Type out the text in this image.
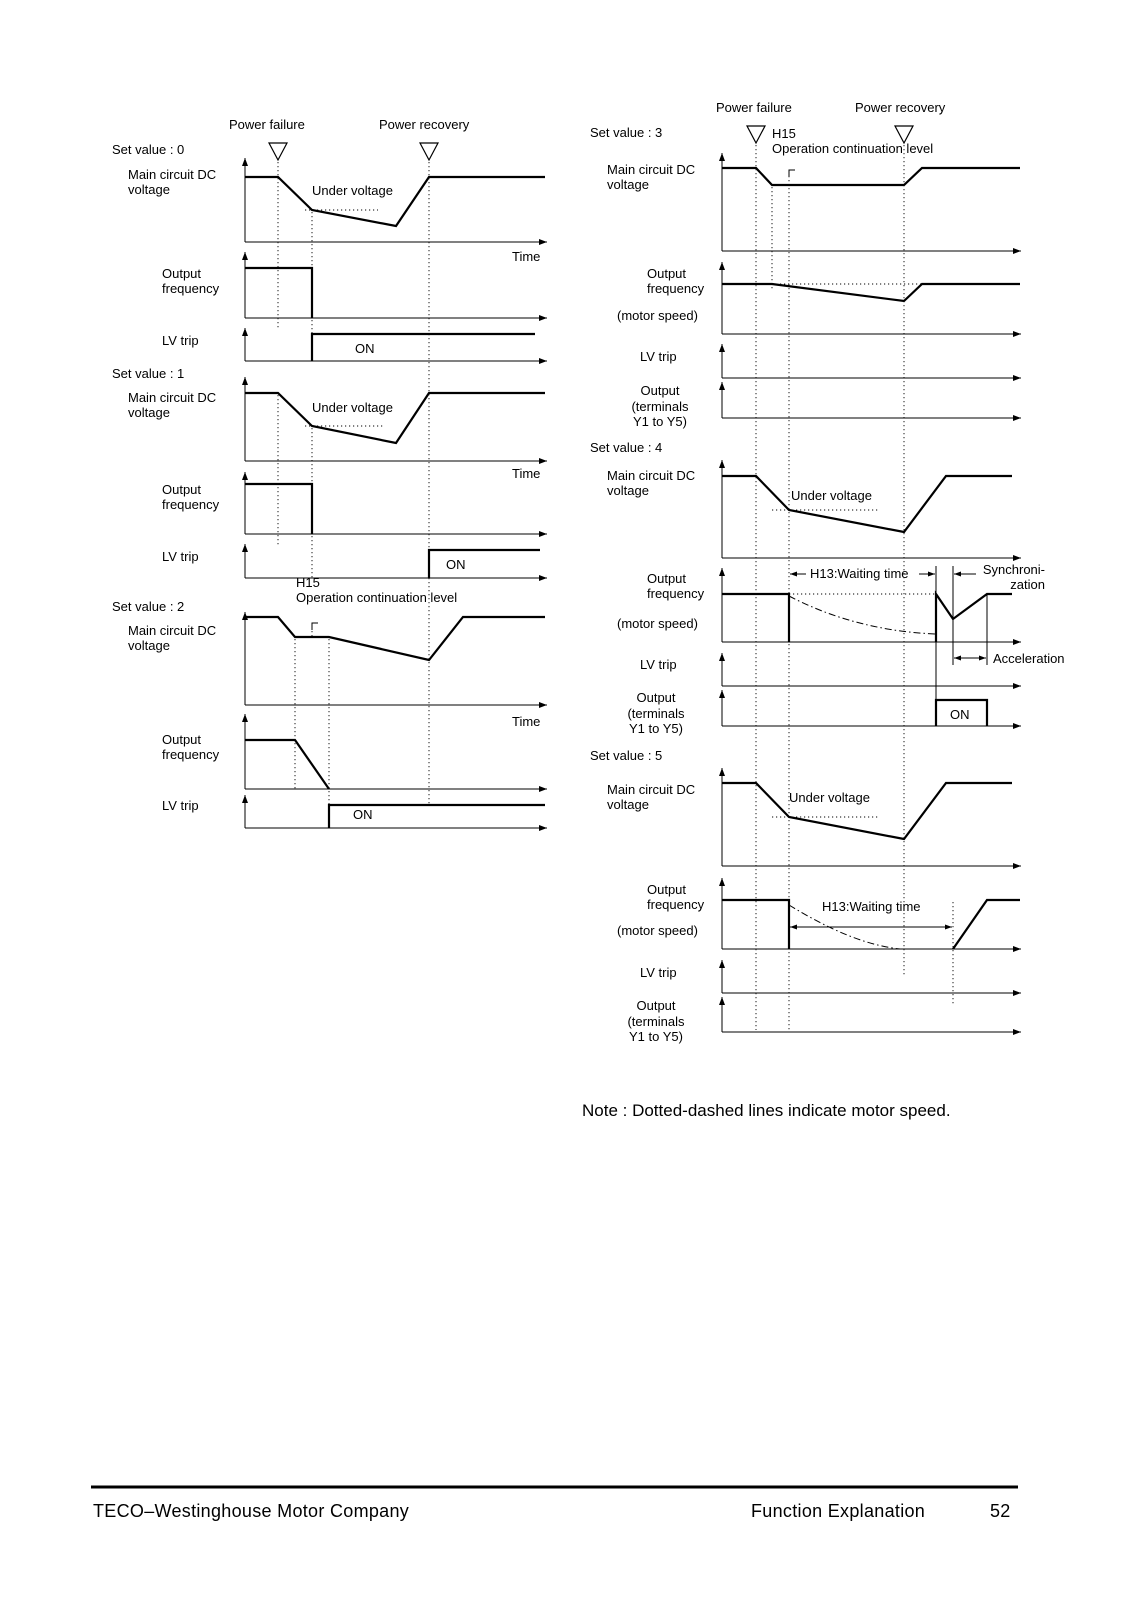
Power failure	Power recovery
Set value : 0
Main circuit DC
voltage	Under voltage
Time
Output
frequency
LV trip
ON
Set value : 1
Main circuit DC
voltage	Under voltage
Time
Output
frequency
LV trip
ON
H15
Operation continuation level
Set value : 2
Main circuit DC
voltage
Time
Output
frequency
LV trip
ON
Power failure	Power recovery
Set value : 3	H15
Operation continuation level
Main circuit DC
voltage
Output
frequency
(motor speed)
LV trip
Output
(terminals
Y1 to Y5)
Set value : 4
Main circuit DC
voltage	Under voltage
H13:Waiting time	Synchroni-
zation
Output
frequency
(motor speed)
Acceleration
LV trip
Output
(terminals
Y1 to Y5)
ON
Set value : 5
Main circuit DC
voltage	Under voltage
Output
frequency	H13:Waiting time
(motor speed)
LV trip
Output
(terminals
Y1 to Y5)
Note : Dotted-dashed lines indicate motor speed.
TECO–Westinghouse Motor Company	Function Explanation	52
